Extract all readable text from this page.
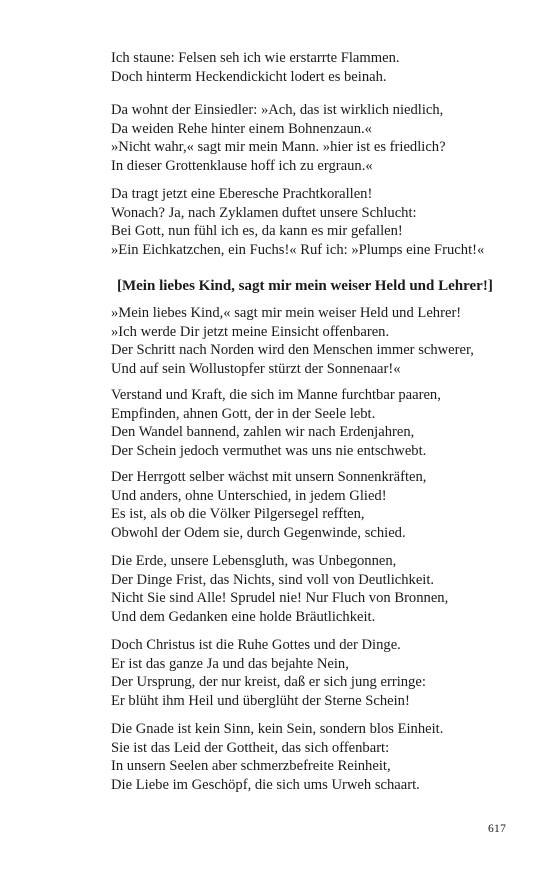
Ich staune: Felsen seh ich wie erstarrte Flammen.
Doch hinterm Heckendickicht lodert es beinah.
Da wohnt der Einsiedler: »Ach, das ist wirklich niedlich,
Da weiden Rehe hinter einem Bohnenzaun.«
»Nicht wahr,« sagt mir mein Mann. »hier ist es friedlich?
In dieser Grottenklause hoff ich zu ergraun.«
Da tragt jetzt eine Eberesche Prachtkorallen!
Wonach? Ja, nach Zyklamen duftet unsere Schlucht:
Bei Gott, nun fühl ich es, da kann es mir gefallen!
»Ein Eichkatzchen, ein Fuchs!« Ruf ich: »Plumps eine Frucht!«
[Mein liebes Kind, sagt mir mein weiser Held und Lehrer!]
»Mein liebes Kind,« sagt mir mein weiser Held und Lehrer!
»Ich werde Dir jetzt meine Einsicht offenbaren.
Der Schritt nach Norden wird den Menschen immer schwerer,
Und auf sein Wollustopfer stürzt der Sonnenaar!«
Verstand und Kraft, die sich im Manne furchtbar paaren,
Empfinden, ahnen Gott, der in der Seele lebt.
Den Wandel bannend, zahlen wir nach Erdenjahren,
Der Schein jedoch vermuthet was uns nie entschwebt.
Der Herrgott selber wächst mit unsern Sonnenkräften,
Und anders, ohne Unterschied, in jedem Glied!
Es ist, als ob die Völker Pilgersegel refften,
Obwohl der Odem sie, durch Gegenwinde, schied.
Die Erde, unsere Lebensgluth, was Unbegonnen,
Der Dinge Frist, das Nichts, sind voll von Deutlichkeit.
Nicht Sie sind Alle! Sprudel nie! Nur Fluch von Bronnen,
Und dem Gedanken eine holde Bräutlichkeit.
Doch Christus ist die Ruhe Gottes und der Dinge.
Er ist das ganze Ja und das bejahte Nein,
Der Ursprung, der nur kreist, daß er sich jung erringe:
Er blüht ihm Heil und überglüht der Sterne Schein!
Die Gnade ist kein Sinn, kein Sein, sondern blos Einheit.
Sie ist das Leid der Gottheit, das sich offenbart:
In unsern Seelen aber schmerzbefreite Reinheit,
Die Liebe im Geschöpf, die sich ums Urweh schaart.
617
